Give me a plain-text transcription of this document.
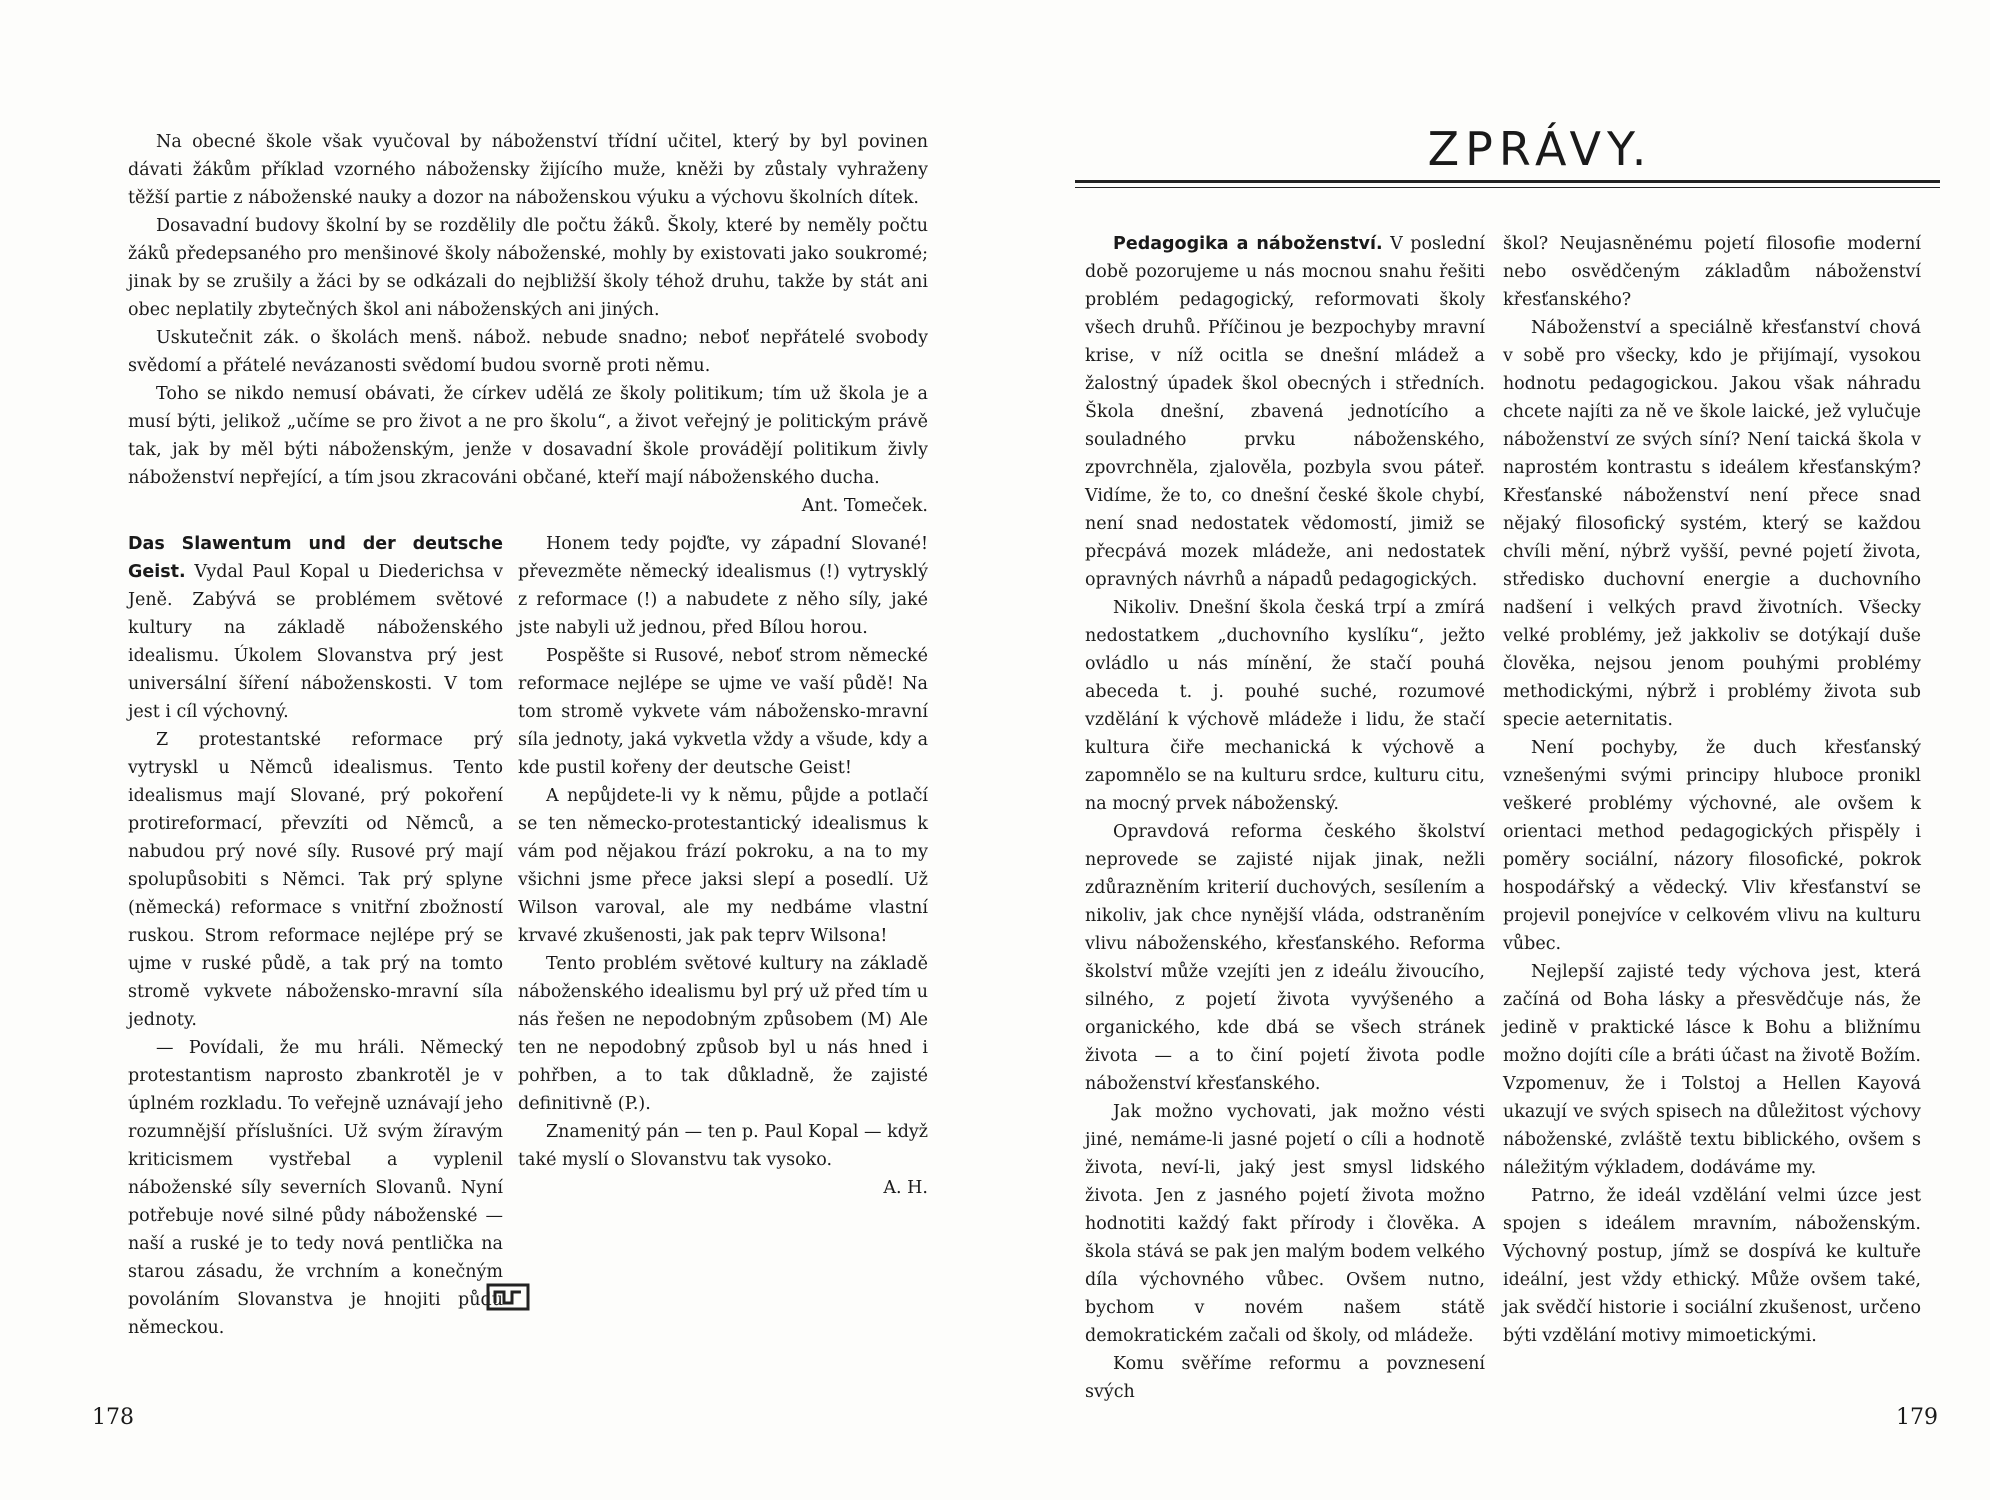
Na obecné škole však vyučoval by náboženství třídní učitel, který by byl povinen dávati žákům příklad vzorného nábožensky žijícího muže, kněži by zůstaly vyhraženy těžší partie z náboženské nauky a dozor na náboženskou výuku a výchovu školních dítek.

Dosavadní budovy školní by se rozdělily dle počtu žáků. Školy, které by neměly počtu žáků předepsaného pro menšinové školy náboženské, mohly by existovati jako soukromé; jinak by se zrušily a žáci by se odkázali do nejbližší školy téhož druhu, takže by stát ani obec neplatily zbytečných škol ani náboženských ani jiných.

Uskutečnit zák. o školách menš. nábož. nebude snadno; neboť nepřátelé svobody svědomí a přátelé nevázanosti svědomí budou svorně proti němu.

Toho se nikdo nemusí obávati, že církev udělá ze školy politikum; tím už škola je a musí býti, jelikož „učíme se pro život a ne pro školu“, a život veřejný je politickým právě tak, jak by měl býti náboženským, jenže v dosavadní škole provádějí politikum živly náboženství nepřející, a tím jsou zkracováni občané, kteří mají náboženského ducha.

Ant. Tomeček.

Das Slawentum und der deutsche Geist. Vydal Paul Kopal u Diederichsa v Jeně. Zabývá se problémem světové kultury na základě náboženského idealismu. Úkolem Slovanstva prý jest universální šíření náboženskosti. V tom jest i cíl výchovný.

Z protestantské reformace prý vytryskl u Němců idealismus. Tento idealismus mají Slované, prý pokoření protireformací, převzíti od Němců, a nabudou prý nové síly. Rusové prý mají spolupůsobiti s Němci. Tak prý splyne (německá) reformace s vnitřní zbožností ruskou. Strom reformace nejlépe prý se ujme v ruské půdě, a tak prý na tomto stromě vykvete nábožensko-mravní síla jednoty.

— Povídali, že mu hráli. Německý protestantism naprosto zbankrotěl je v úplném rozkladu. To veřejně uznávají jeho rozumnější příslušníci. Už svým žíravým kriticismem vystřebal a vyplenil náboženské síly severních Slovanů. Nyní potřebuje nové silné půdy náboženské — naší a ruské je to tedy nová pentlička na starou zásadu, že vrchním a konečným povoláním Slovanstva je hnojiti půdu německou.

Honem tedy pojďte, vy západní Slované! převezměte německý idealismus (!) vytrysklý z reformace (!) a nabudete z něho síly, jaké jste nabyli už jednou, před Bílou horou.

Pospěšte si Rusové, neboť strom německé reformace nejlépe se ujme ve vaší půdě! Na tom stromě vykvete vám nábožensko-mravní síla jednoty, jaká vykvetla vždy a všude, kdy a kde pustil kořeny der deutsche Geist!

A nepůjdete-li vy k němu, půjde a potlačí se ten německo-protestantický idealismus k vám pod nějakou frází pokroku, a na to my všichni jsme přece jaksi slepí a posedlí. Už Wilson varoval, ale my nedbáme vlastní krvavé zkušenosti, jak pak teprv Wilsona!

Tento problém světové kultury na základě náboženského idealismu byl prý už před tím u nás řešen ne nepodobným způsobem (M) Ale ten ne nepodobný způsob byl u nás hned i pohřben, a to tak důkladně, že zajisté definitivně (P.).

Znamenitý pán — ten p. Paul Kopal — když také myslí o Slovanstvu tak vysoko.

A. H.

178
ZPRÁVY.

Pedagogika a náboženství. V poslední době pozorujeme u nás mocnou snahu řešiti problém pedagogický, reformovati školy všech druhů. Příčinou je bezpochyby mravní krise, v níž ocitla se dnešní mládež a žalostný úpadek škol obecných i středních. Škola dnešní, zbavená jednotícího a souladného prvku náboženského, zpovrchněla, zjalověla, pozbyla svou páteř. Vidíme, že to, co dnešní české škole chybí, není snad nedostatek vědomostí, jimiž se přecpává mozek mládeže, ani nedostatek opravných návrhů a nápadů pedagogických.

Nikoliv. Dnešní škola česká trpí a zmírá nedostatkem „duchovního kyslíku“, ježto ovládlo u nás mínění, že stačí pouhá abeceda t. j. pouhé suché, rozumové vzdělání k výchově mládeže i lidu, že stačí kultura čiře mechanická k výchově a zapomnělo se na kulturu srdce, kulturu citu, na mocný prvek náboženský.

Opravdová reforma českého školství neprovede se zajisté nijak jinak, nežli zdůrazněním kriterií duchových, sesílením a nikoliv, jak chce nynější vláda, odstraněním vlivu náboženského, křesťanského. Reforma školství může vzejíti jen z ideálu živoucího, silného, z pojetí života vyvýšeného a organického, kde dbá se všech stránek života — a to činí pojetí života podle náboženství křesťanského.

Jak možno vychovati, jak možno vésti jiné, nemáme-li jasné pojetí o cíli a hodnotě života, neví-li, jaký jest smysl lidského života. Jen z jasného pojetí života možno hodnotiti každý fakt přírody i člověka. A škola stává se pak jen malým bodem velkého díla výchovného vůbec. Ovšem nutno, bychom v novém našem státě demokratickém začali od školy, od mládeže.

Komu svěříme reformu a povznesení svých

škol? Neujasněnému pojetí filosofie moderní nebo osvědčeným základům náboženství křesťanského?

Náboženství a speciálně křesťanství chová v sobě pro všecky, kdo je přijímají, vysokou hodnotu pedagogickou. Jakou však náhradu chcete najíti za ně ve škole laické, jež vylučuje náboženství ze svých síní? Není taická škola v naprostém kontrastu s ideálem křesťanským? Křesťanské náboženství není přece snad nějaký filosofický systém, který se každou chvíli mění, nýbrž vyšší, pevné pojetí života, středisko duchovní energie a duchovního nadšení i velkých pravd životních. Všecky velké problémy, jež jakkoliv se dotýkají duše člověka, nejsou jenom pouhými problémy methodickými, nýbrž i problémy života sub specie aeternitatis.

Není pochyby, že duch křesťanský vznešenými svými principy hluboce pronikl veškeré problémy výchovné, ale ovšem k orientaci method pedagogických přispěly i poměry sociální, názory filosofické, pokrok hospodářský a vědecký. Vliv křesťanství se projevil ponejvíce v celkovém vlivu na kulturu vůbec.

Nejlepší zajisté tedy výchova jest, která začíná od Boha lásky a přesvědčuje nás, že jedině v praktické lásce k Bohu a bližnímu možno dojíti cíle a bráti účast na životě Božím. Vzpomenuv, že i Tolstoj a Hellen Kayová ukazují ve svých spisech na důležitost výchovy náboženské, zvláště textu biblického, ovšem s náležitým výkladem, dodáváme my.

Patrno, že ideál vzdělání velmi úzce jest spojen s ideálem mravním, náboženským. Výchovný postup, jímž se dospívá ke kultuře ideální, jest vždy ethický. Může ovšem také, jak svědčí historie i sociální zkušenost, určeno býti vzdělání motivy mimoetickými.

179
